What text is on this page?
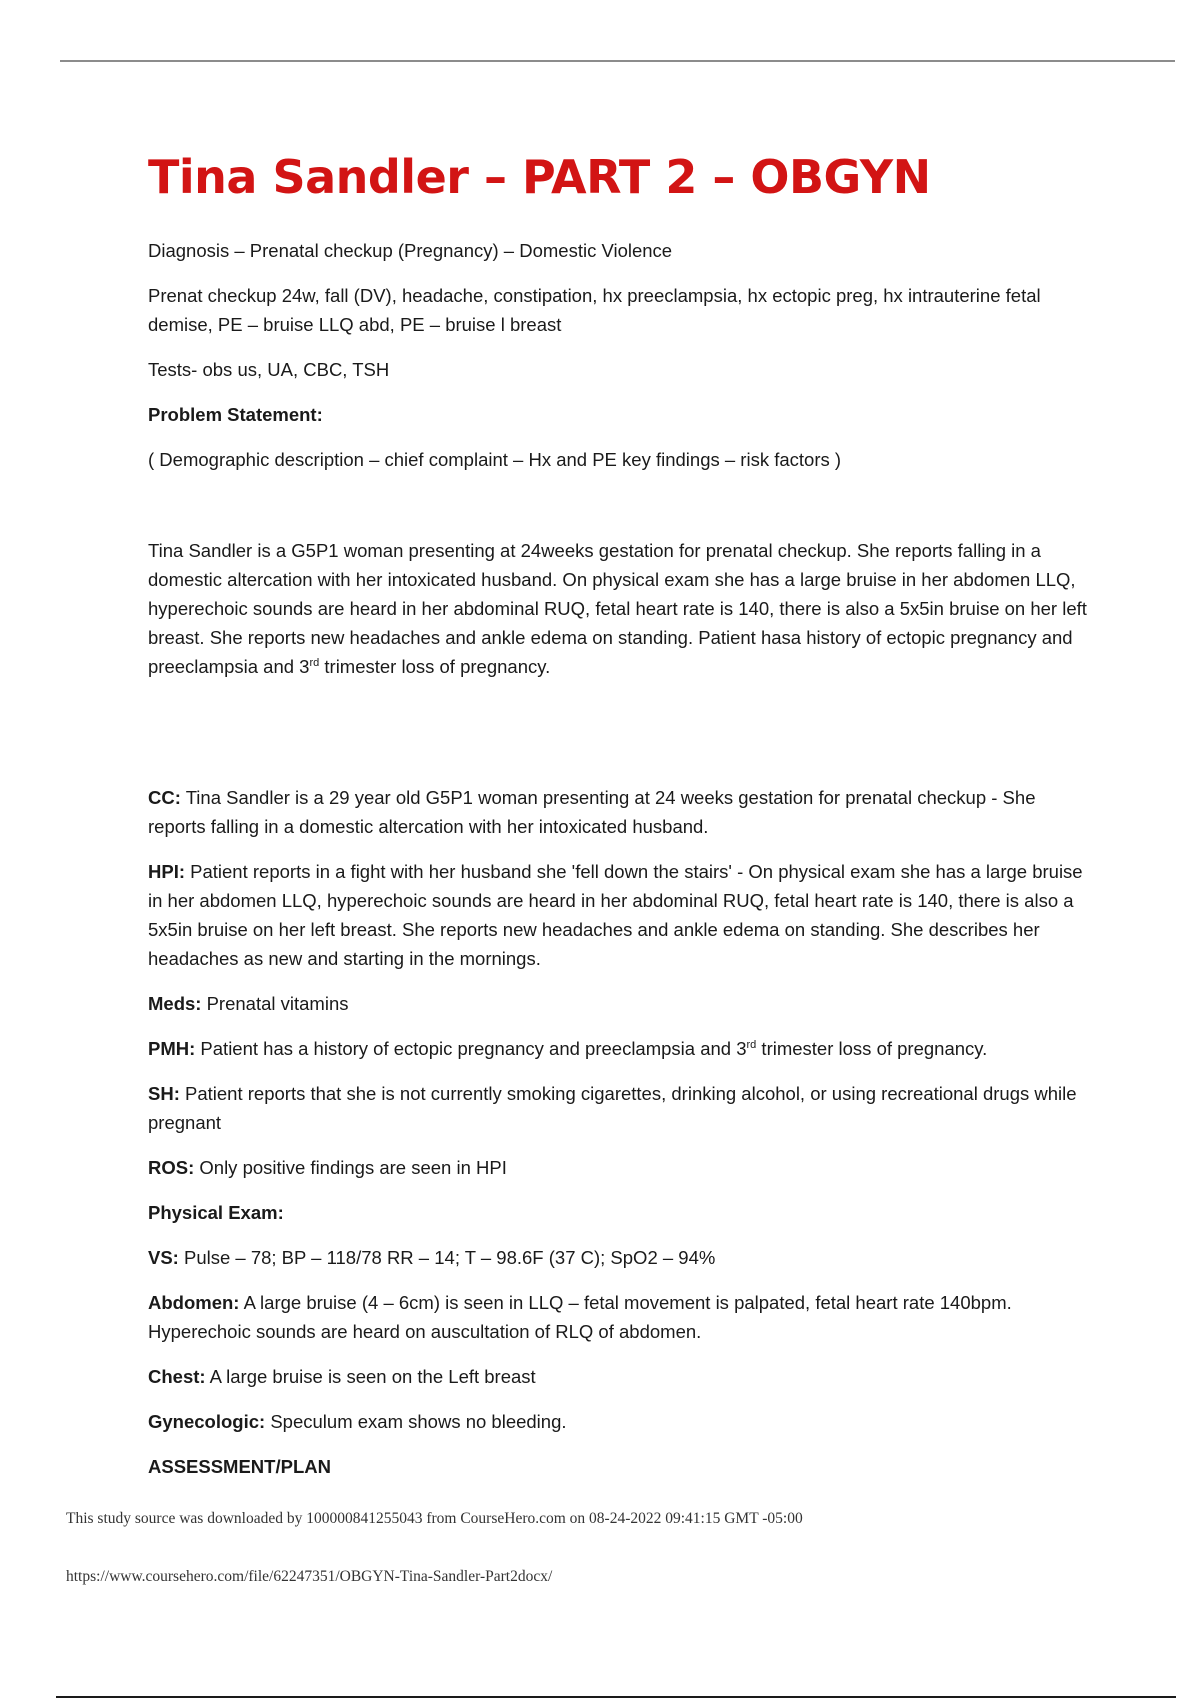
Tina Sandler – PART 2 – OBGYN

Diagnosis – Prenatal checkup (Pregnancy) – Domestic Violence

Prenat checkup 24w, fall (DV), headache, constipation, hx preeclampsia, hx ectopic preg, hx intrauterine fetal demise, PE – bruise LLQ abd, PE – bruise l breast

Tests- obs us, UA, CBC, TSH

Problem Statement:

( Demographic description – chief complaint – Hx and PE key findings – risk factors )

Tina Sandler is a G5P1 woman presenting at 24weeks gestation for prenatal checkup. She reports falling in a domestic altercation with her intoxicated husband. On physical exam she has a large bruise in her abdomen LLQ, hyperechoic sounds are heard in her abdominal RUQ, fetal heart rate is 140, there is also a 5x5in bruise on her left breast. She reports new headaches and ankle edema on standing. Patient hasa history of ectopic pregnancy and preeclampsia and 3rd trimester loss of pregnancy.

CC: Tina Sandler is a 29 year old G5P1 woman presenting at 24 weeks gestation for prenatal checkup - She reports falling in a domestic altercation with her intoxicated husband.

HPI: Patient reports in a fight with her husband she 'fell down the stairs' - On physical exam she has a large bruise in her abdomen LLQ, hyperechoic sounds are heard in her abdominal RUQ, fetal heart rate is 140, there is also a 5x5in bruise on her left breast. She reports new headaches and ankle edema on standing. She describes her headaches as new and starting in the mornings.

Meds: Prenatal vitamins

PMH: Patient has a history of ectopic pregnancy and preeclampsia and 3rd trimester loss of pregnancy.

SH: Patient reports that she is not currently smoking cigarettes, drinking alcohol, or using recreational drugs while pregnant

ROS: Only positive findings are seen in HPI

Physical Exam:

VS: Pulse – 78; BP – 118/78 RR – 14; T – 98.6F (37 C); SpO2 – 94%

Abdomen: A large bruise (4 – 6cm) is seen in LLQ – fetal movement is palpated, fetal heart rate 140bpm. Hyperechoic sounds are heard on auscultation of RLQ of abdomen.

Chest: A large bruise is seen on the Left breast

Gynecologic: Speculum exam shows no bleeding.

ASSESSMENT/PLAN

This study source was downloaded by 100000841255043 from CourseHero.com on 08-24-2022 09:41:15 GMT -05:00
https://www.coursehero.com/file/62247351/OBGYN-Tina-Sandler-Part2docx/
